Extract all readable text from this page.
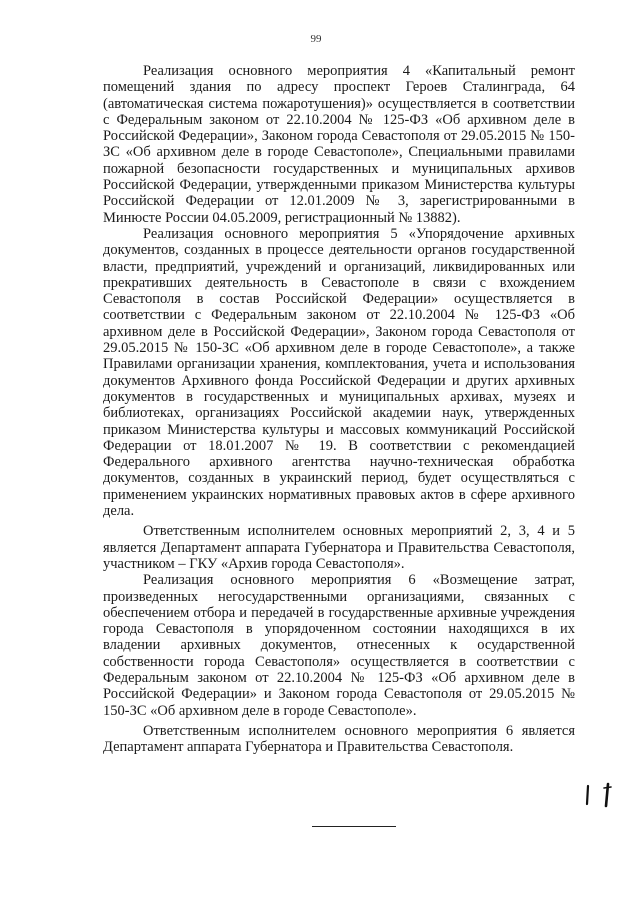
99

Реализация основного мероприятия 4 «Капитальный ремонт помещений здания по адресу проспект Героев Сталинграда, 64 (автоматическая система пожаротушения)» осуществляется в соответствии с Федеральным законом от 22.10.2004 № 125-ФЗ «Об архивном деле в Российской Федерации», Законом города Севастополя от 29.05.2015 № 150-ЗС «Об архивном деле в городе Севастополе», Специальными правилами пожарной безопасности государственных и муниципальных архивов Российской Федерации, утвержденными приказом Министерства культуры Российской Федерации от 12.01.2009 № 3, зарегистрированными в Минюсте России 04.05.2009, регистрационный № 13882).

Реализация основного мероприятия 5 «Упорядочение архивных документов, созданных в процессе деятельности органов государственной власти, предприятий, учреждений и организаций, ликвидированных или прекративших деятельность в Севастополе в связи с вхождением Севастополя в состав Российской Федерации» осуществляется в соответствии с Федеральным законом от 22.10.2004 № 125-ФЗ «Об архивном деле в Российской Федерации», Законом города Севастополя от 29.05.2015 № 150-ЗС «Об архивном деле в городе Севастополе», а также Правилами организации хранения, комплектования, учета и использования документов Архивного фонда Российской Федерации и других архивных документов в государственных и муниципальных архивах, музеях и библиотеках, организациях Российской академии наук, утвержденных приказом Министерства культуры и массовых коммуникаций Российской Федерации от 18.01.2007 № 19. В соответствии с рекомендацией Федерального архивного агентства научно-техническая обработка документов, созданных в украинский период, будет осуществляться с применением украинских нормативных правовых актов в сфере архивного дела.

Ответственным исполнителем основных мероприятий 2, 3, 4 и 5 является Департамент аппарата Губернатора и Правительства Севастополя, участником – ГКУ «Архив города Севастополя».

Реализация основного мероприятия 6 «Возмещение затрат, произведенных негосударственными организациями, связанных с обеспечением отбора и передачей в государственные архивные учреждения города Севастополя в упорядоченном состоянии находящихся в их владении архивных документов, отнесенных к осударственной собственности города Севастополя» осуществляется в соответствии с Федеральным законом от 22.10.2004 № 125-ФЗ «Об архивном деле в Российской Федерации» и Законом города Севастополя от 29.05.2015 № 150-ЗС «Об архивном деле в городе Севастополе».

Ответственным исполнителем основного мероприятия 6 является Департамент аппарата Губернатора и Правительства Севастополя.
